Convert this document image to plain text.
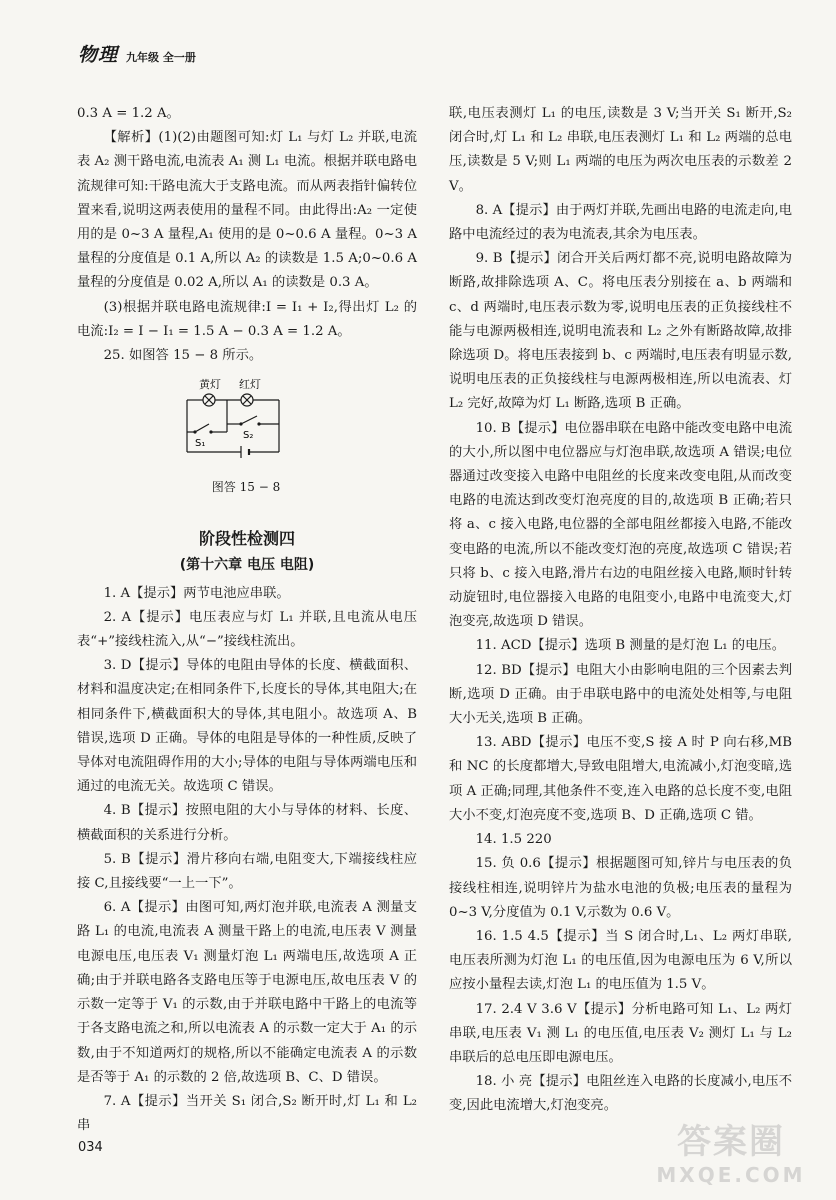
物理 九年级 全一册

0.3 A = 1.2 A。

【解析】(1)(2)由题图可知:灯 L₁ 与灯 L₂ 并联,电流表 A₂ 测干路电流,电流表 A₁ 测 L₁ 电流。根据并联电路电流规律可知:干路电流大于支路电流。而从两表指针偏转位置来看,说明这两表使用的量程不同。由此得出:A₂ 一定使用的是 0~3 A 量程,A₁ 使用的是 0~0.6 A 量程。0~3 A 量程的分度值是 0.1 A,所以 A₂ 的读数是 1.5 A;0~0.6 A 量程的分度值是 0.02 A,所以 A₁ 的读数是 0.3 A。

(3)根据并联电路电流规律:I = I₁ + I₂,得出灯 L₂ 的电流:I₂ = I − I₁ = 1.5 A − 0.3 A = 1.2 A。

25. 如图答 15 − 8 所示。

黄灯 红灯
S₁
S₂
图答 15 − 8
阶段性检测四
(第十六章 电压 电阻)

1. A【提示】两节电池应串联。

2. A【提示】电压表应与灯 L₁ 并联,且电流从电压表“+”接线柱流入,从“−”接线柱流出。

3. D【提示】导体的电阻由导体的长度、横截面积、材料和温度决定;在相同条件下,长度长的导体,其电阻大;在相同条件下,横截面积大的导体,其电阻小。故选项 A、B 错误,选项 D 正确。导体的电阻是导体的一种性质,反映了导体对电流阻碍作用的大小;导体的电阻与导体两端电压和通过的电流无关。故选项 C 错误。

4. B【提示】按照电阻的大小与导体的材料、长度、横截面积的关系进行分析。

5. B【提示】滑片移向右端,电阻变大,下端接线柱应接 C,且接线要“一上一下”。

6. A【提示】由图可知,两灯泡并联,电流表 A 测量支路 L₁ 的电流,电流表 A 测量干路上的电流,电压表 V 测量电源电压,电压表 V₁ 测量灯泡 L₁ 两端电压,故选项 A 正确;由于并联电路各支路电压等于电源电压,故电压表 V 的示数一定等于 V₁ 的示数,由于并联电路中干路上的电流等于各支路电流之和,所以电流表 A 的示数一定大于 A₁ 的示数,由于不知道两灯的规格,所以不能确定电流表 A 的示数是否等于 A₁ 的示数的 2 倍,故选项 B、C、D 错误。

7. A【提示】当开关 S₁ 闭合,S₂ 断开时,灯 L₁ 和 L₂ 串

联,电压表测灯 L₁ 的电压,读数是 3 V;当开关 S₁ 断开,S₂ 闭合时,灯 L₁ 和 L₂ 串联,电压表测灯 L₁ 和 L₂ 两端的总电压,读数是 5 V;则 L₁ 两端的电压为两次电压表的示数差 2 V。

8. A【提示】由于两灯并联,先画出电路的电流走向,电路中电流经过的表为电流表,其余为电压表。

9. B【提示】闭合开关后两灯都不亮,说明电路故障为断路,故排除选项 A、C。将电压表分别接在 a、b 两端和 c、d 两端时,电压表示数为零,说明电压表的正负接线柱不能与电源两极相连,说明电流表和 L₂ 之外有断路故障,故排除选项 D。将电压表接到 b、c 两端时,电压表有明显示数,说明电压表的正负接线柱与电源两极相连,所以电流表、灯 L₂ 完好,故障为灯 L₁ 断路,选项 B 正确。

10. B【提示】电位器串联在电路中能改变电路中电流的大小,所以图中电位器应与灯泡串联,故选项 A 错误;电位器通过改变接入电路中电阻丝的长度来改变电阻,从而改变电路的电流达到改变灯泡亮度的目的,故选项 B 正确;若只将 a、c 接入电路,电位器的全部电阻丝都接入电路,不能改变电路的电流,所以不能改变灯泡的亮度,故选项 C 错误;若只将 b、c 接入电路,滑片右边的电阻丝接入电路,顺时针转动旋钮时,电位器接入电路的电阻变小,电路中电流变大,灯泡变亮,故选项 D 错误。

11. ACD【提示】选项 B 测量的是灯泡 L₁ 的电压。

12. BD【提示】电阻大小由影响电阻的三个因素去判断,选项 D 正确。由于串联电路中的电流处处相等,与电阻大小无关,选项 B 正确。

13. ABD【提示】电压不变,S 接 A 时 P 向右移,MB 和 NC 的长度都增大,导致电阻增大,电流减小,灯泡变暗,选项 A 正确;同理,其他条件不变,连入电路的总长度不变,电阻大小不变,灯泡亮度不变,选项 B、D 正确,选项 C 错。

14. 1.5 220

15. 负 0.6【提示】根据题图可知,锌片与电压表的负接线柱相连,说明锌片为盐水电池的负极;电压表的量程为 0~3 V,分度值为 0.1 V,示数为 0.6 V。

16. 1.5 4.5【提示】当 S 闭合时,L₁、L₂ 两灯串联,电压表所测为灯泡 L₁ 的电压值,因为电源电压为 6 V,所以应按小量程去读,灯泡 L₁ 的电压值为 1.5 V。

17. 2.4 V 3.6 V【提示】分析电路可知 L₁、L₂ 两灯串联,电压表 V₁ 测 L₁ 的电压值,电压表 V₂ 测灯 L₁ 与 L₂ 串联后的总电压即电源电压。

18. 小 亮【提示】电阻丝连入电路的长度减小,电压不变,因此电流增大,灯泡变亮。

034	答案圈
MXQE.COM
